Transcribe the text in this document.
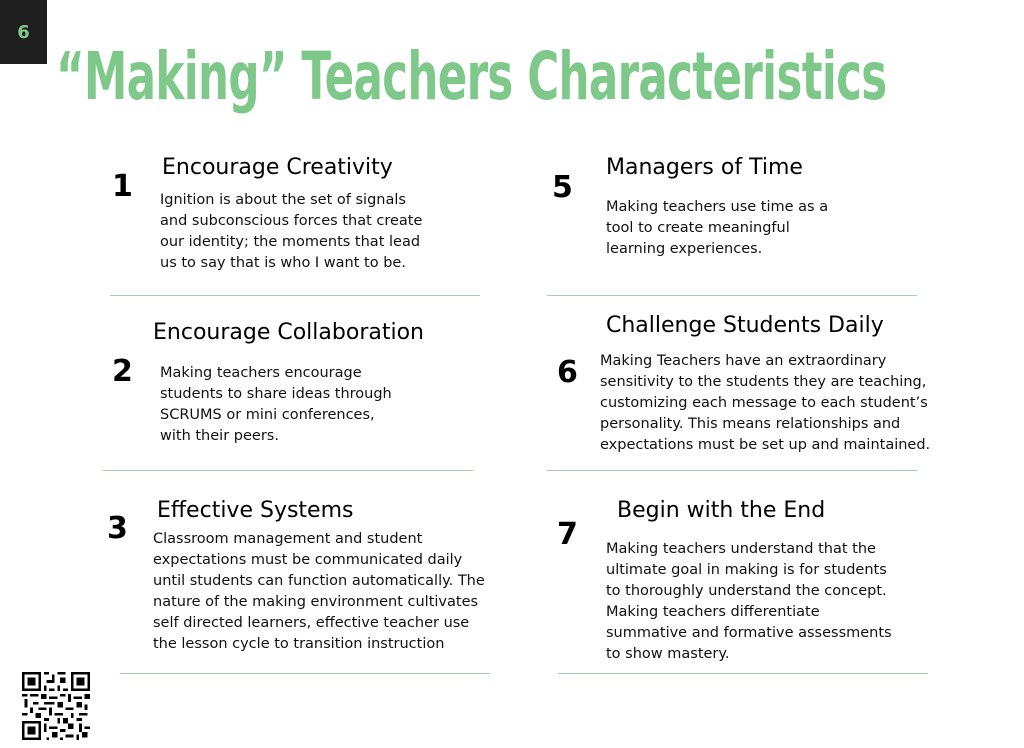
6
“Making” Teachers Characteristics
1
Encourage Creativity
Ignition is about the set of signals
and subconscious forces that create
our identity; the moments that lead
us to say that is who I want to be.
2
Encourage Collaboration
Making teachers encourage
students to share ideas through
SCRUMS or mini conferences,
with their peers.
3
Effective Systems
Classroom management and student
expectations must be communicated daily
until students can function automatically. The
nature of the making environment cultivates
self directed learners, effective teacher use
the lesson cycle to transition instruction
5
Managers of Time
Making teachers use time as a
tool to create meaningful
learning experiences.
6
Challenge Students Daily
Making Teachers have an extraordinary
sensitivity to the students they are teaching,
customizing each message to each student’s
personality. This means relationships and
expectations must be set up and maintained.
7
Begin with the End
Making teachers understand that the
ultimate goal in making is for students
to thoroughly understand the concept.
Making teachers differentiate
summative and formative assessments
to show mastery.
